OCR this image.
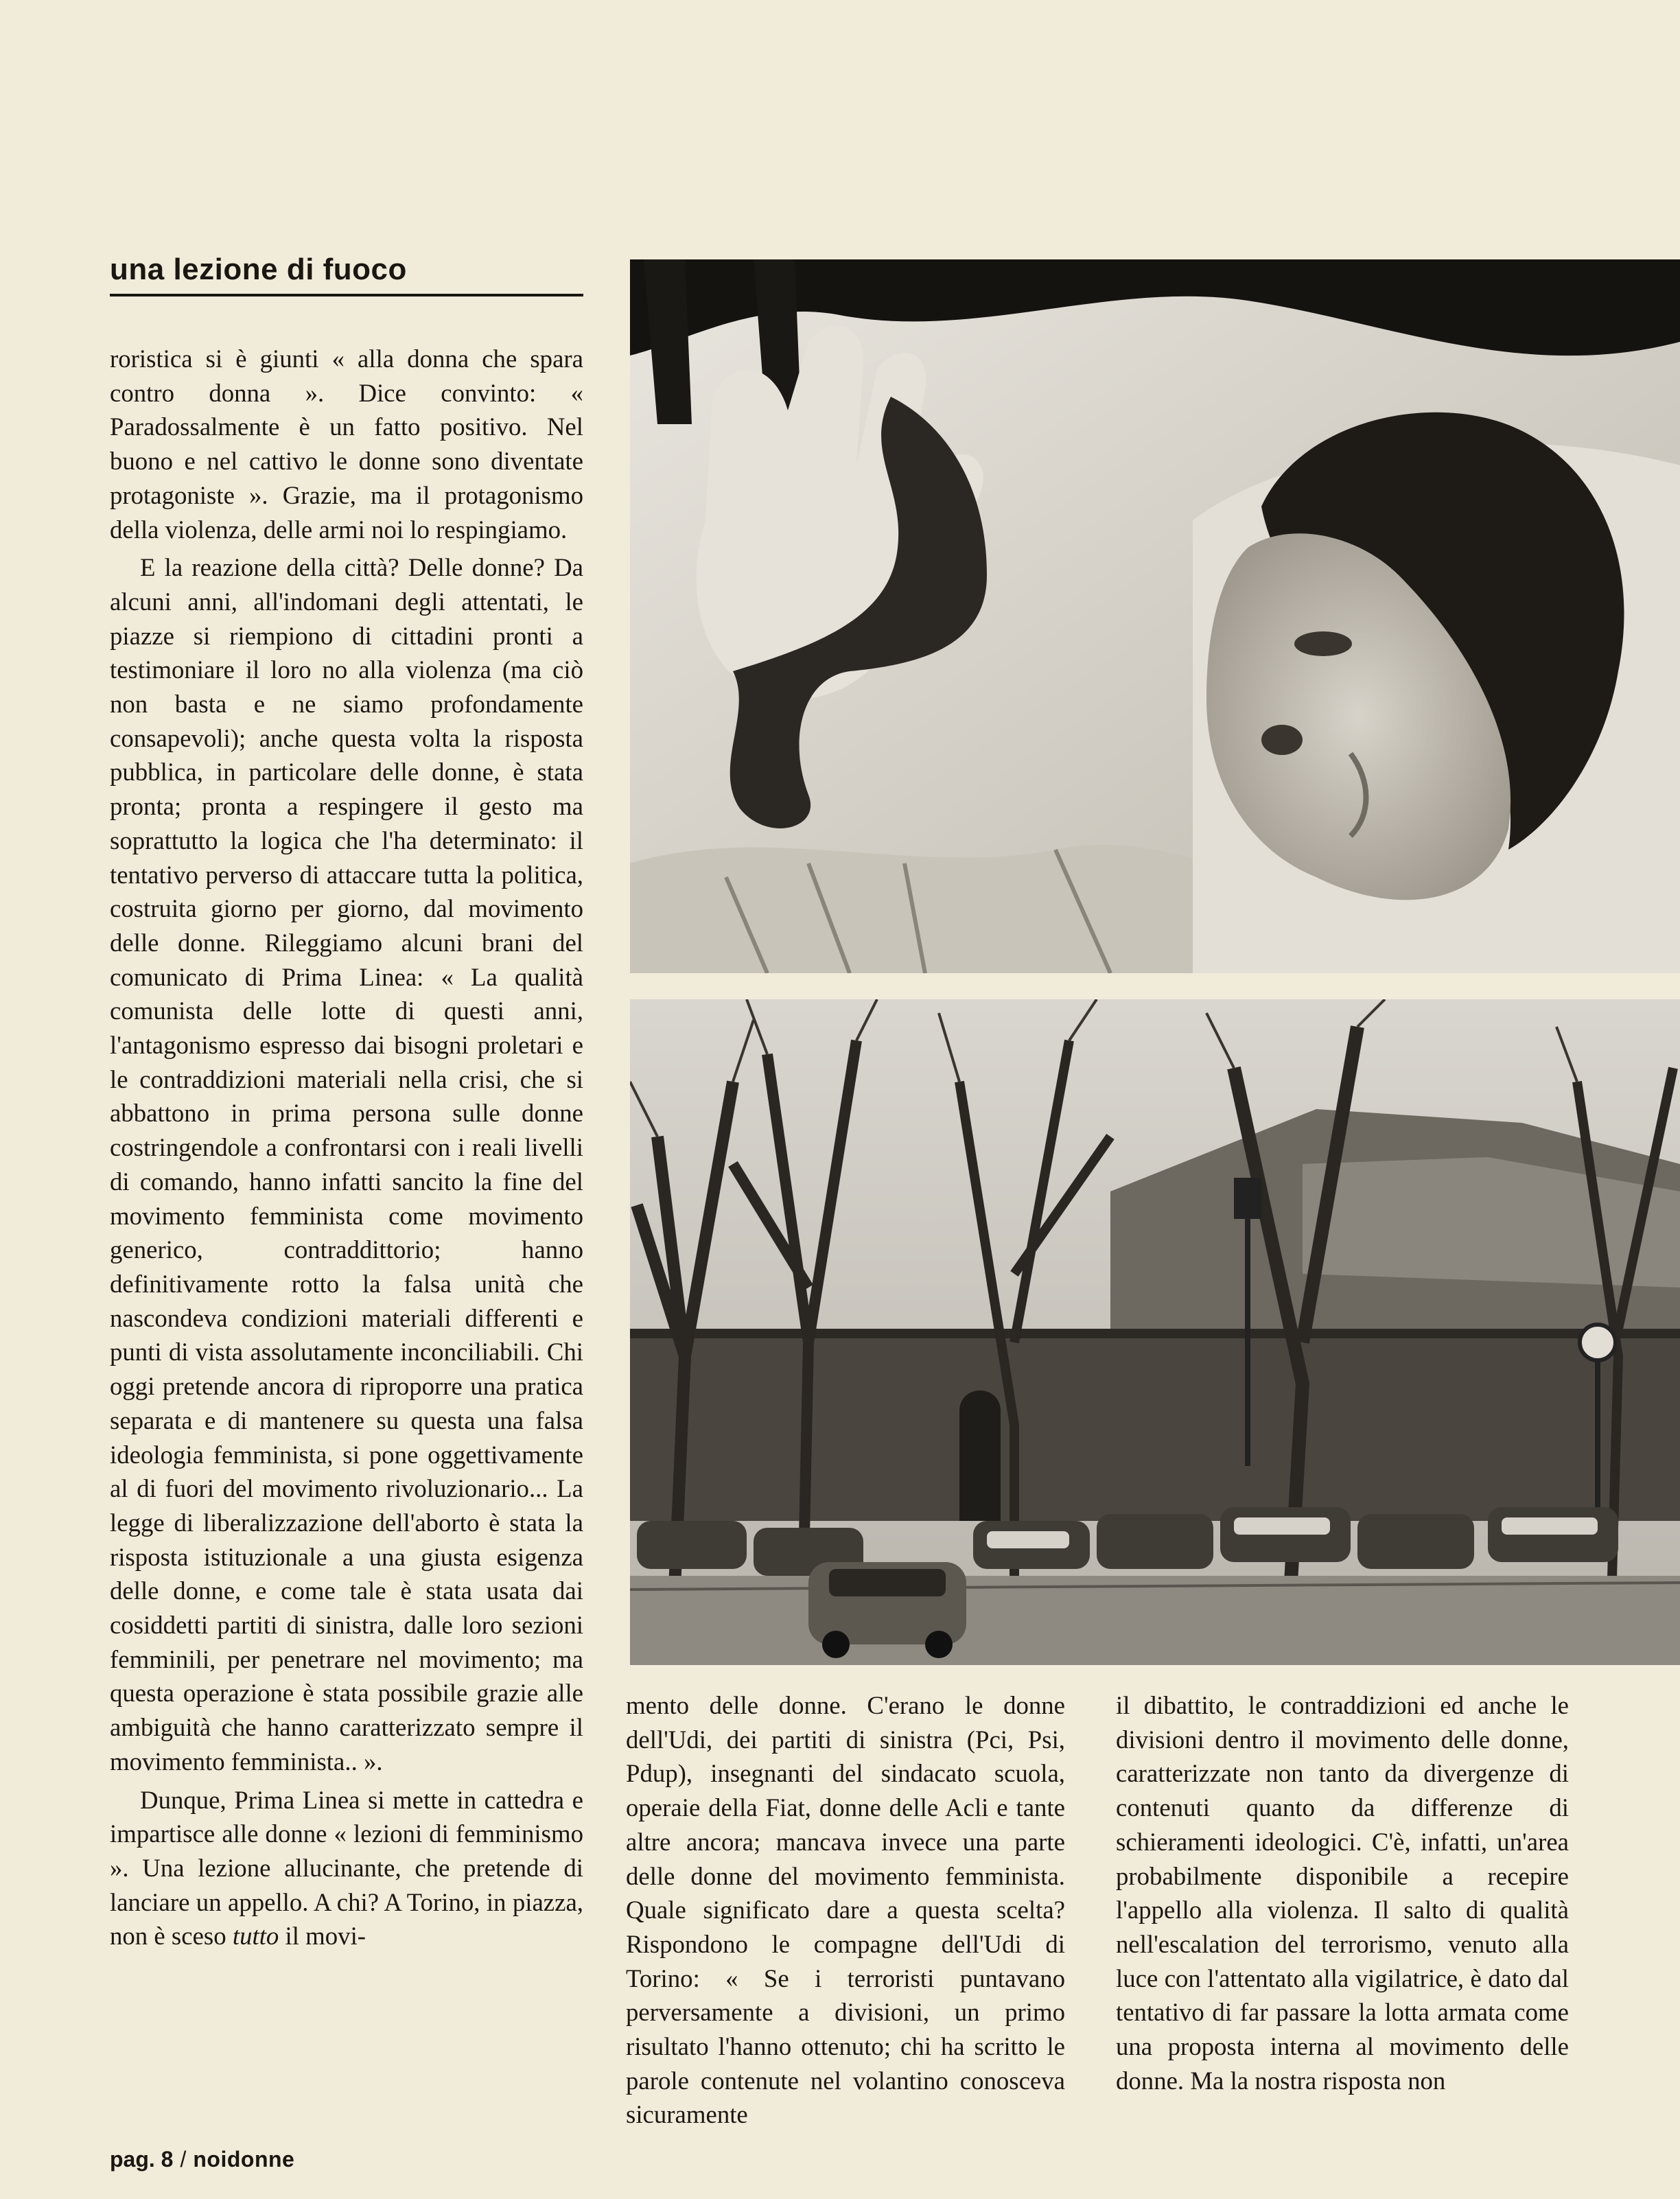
una lezione di fuoco

roristica si è giunti « alla donna che spara contro donna ». Dice convinto: « Paradossalmente è un fatto positivo. Nel buono e nel cattivo le donne sono diventate protagoniste ». Grazie, ma il protagonismo della violenza, delle armi noi lo respingiamo.

E la reazione della città? Delle donne? Da alcuni anni, all'indomani degli attentati, le piazze si riempiono di cittadini pronti a testimoniare il loro no alla violenza (ma ciò non basta e ne siamo profondamente consapevoli); anche questa volta la risposta pubblica, in particolare delle donne, è stata pronta; pronta a respingere il gesto ma soprattutto la logica che l'ha determinato: il tentativo perverso di attaccare tutta la politica, costruita giorno per giorno, dal movimento delle donne. Rileggiamo alcuni brani del comunicato di Prima Linea: « La qualità comunista delle lotte di questi anni, l'antagonismo espresso dai bisogni proletari e le contraddizioni materiali nella crisi, che si abbattono in prima persona sulle donne costringendole a confrontarsi con i reali livelli di comando, hanno infatti sancito la fine del movimento femminista come movimento generico, contraddittorio; hanno definitivamente rotto la falsa unità che nascondeva condizioni materiali differenti e punti di vista assolutamente inconciliabili. Chi oggi pretende ancora di riproporre una pratica separata e di mantenere su questa una falsa ideologia femminista, si pone oggettivamente al di fuori del movimento rivoluzionario... La legge di liberalizzazione dell'aborto è stata la risposta istituzionale a una giusta esigenza delle donne, e come tale è stata usata dai cosiddetti partiti di sinistra, dalle loro sezioni femminili, per penetrare nel movimento; ma questa operazione è stata possibile grazie alle ambiguità che hanno caratterizzato sempre il movimento femminista.. ».

Dunque, Prima Linea si mette in cattedra e impartisce alle donne « lezioni di femminismo ». Una lezione allucinante, che pretende di lanciare un appello. A chi? A Torino, in piazza, non è sceso tutto il movi-

mento delle donne. C'erano le donne dell'Udi, dei partiti di sinistra (Pci, Psi, Pdup), insegnanti del sindacato scuola, operaie della Fiat, donne delle Acli e tante altre ancora; mancava invece una parte delle donne del movimento femminista. Quale significato dare a questa scelta? Rispondono le compagne dell'Udi di Torino: « Se i terroristi puntavano perversamente a divisioni, un primo risultato l'hanno ottenuto; chi ha scritto le parole contenute nel volantino conosceva sicuramente

il dibattito, le contraddizioni ed anche le divisioni dentro il movimento delle donne, caratterizzate non tanto da divergenze di contenuti quanto da differenze di schieramenti ideologici. C'è, infatti, un'area probabilmente disponibile a recepire l'appello alla violenza. Il salto di qualità nell'escalation del terrorismo, venuto alla luce con l'attentato alla vigilatrice, è dato dal tentativo di far passare la lotta armata come una proposta interna al movimento delle donne. Ma la nostra risposta non

pag. 8 / noidonne
